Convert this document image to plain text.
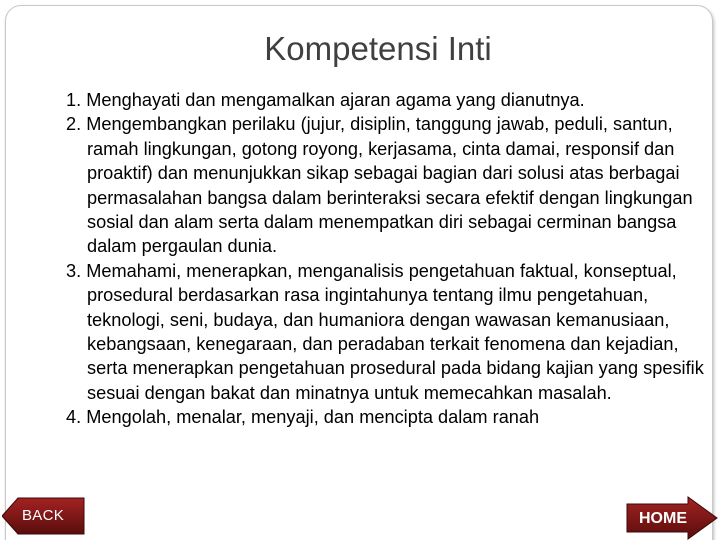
Kompetensi Inti
1. Menghayati dan mengamalkan ajaran agama yang dianutnya.
2. Mengembangkan perilaku (jujur, disiplin, tanggung jawab, peduli, santun, ramah lingkungan, gotong royong, kerjasama, cinta damai, responsif dan proaktif) dan menunjukkan sikap sebagai bagian dari solusi atas berbagai permasalahan bangsa dalam berinteraksi secara efektif dengan lingkungan sosial dan alam serta dalam menempatkan diri sebagai cerminan bangsa dalam pergaulan dunia.
3. Memahami, menerapkan, menganalisis pengetahuan faktual, konseptual, prosedural berdasarkan rasa ingintahunya tentang ilmu pengetahuan, teknologi, seni, budaya, dan humaniora dengan wawasan kemanusiaan, kebangsaan, kenegaraan, dan peradaban terkait fenomena dan kejadian, serta menerapkan pengetahuan prosedural pada bidang kajian yang spesifik sesuai dengan bakat dan minatnya untuk memecahkan masalah.
4. Mengolah, menalar, menyaji, dan mencipta dalam ranah
BACK	HOME
